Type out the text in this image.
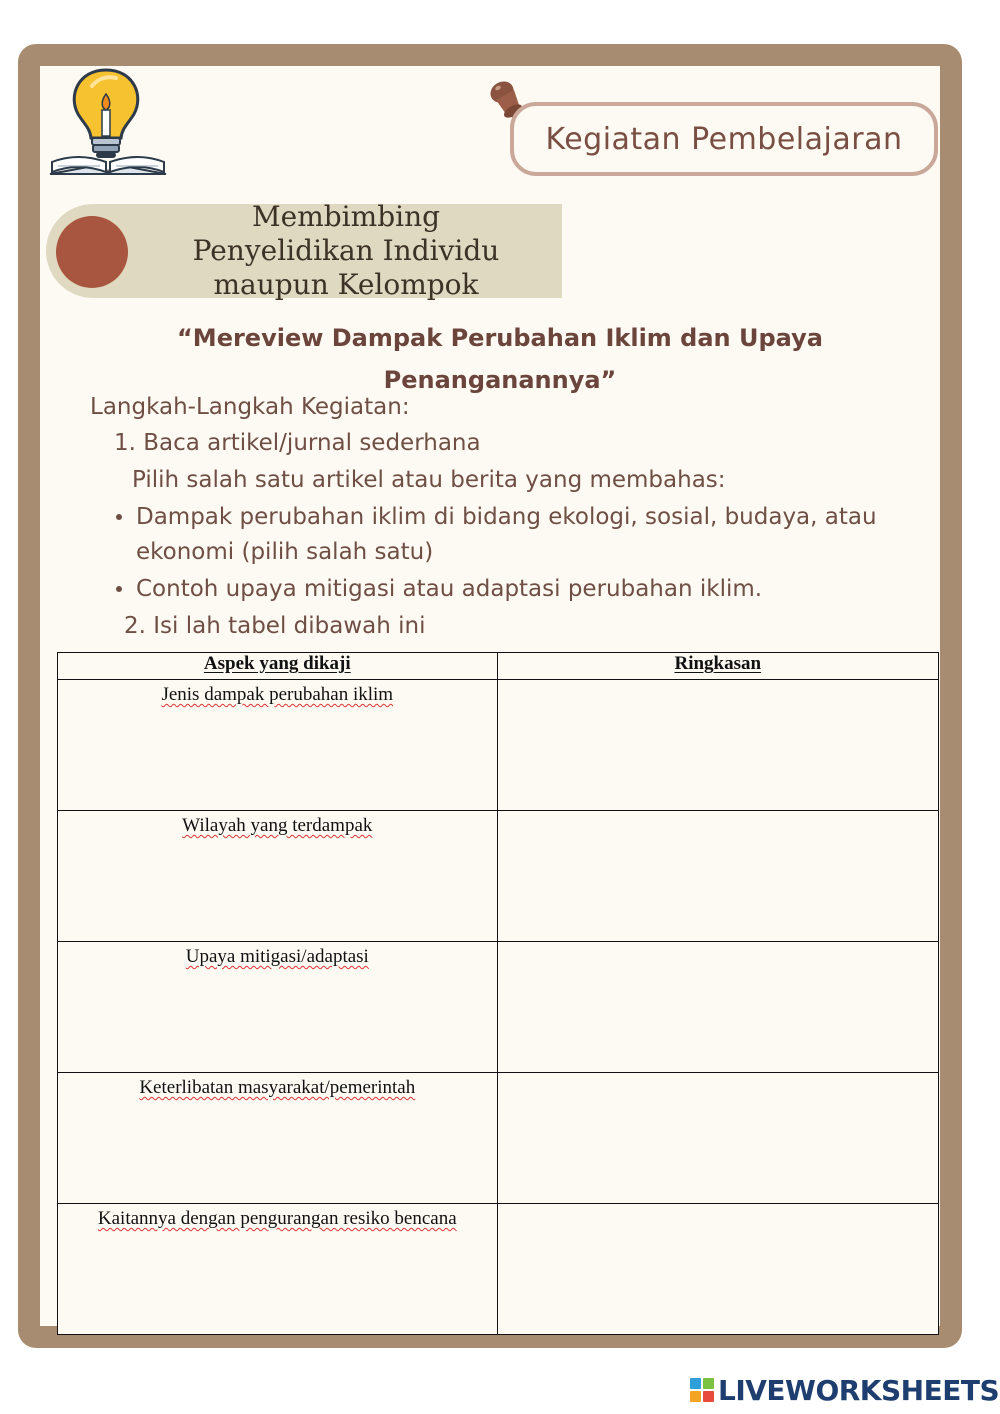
Kegiatan Pembelajaran
Membimbing
Penyelidikan Individu
maupun Kelompok
“Mereview Dampak Perubahan Iklim dan Upaya
Penanganannya”
Langkah-Langkah Kegiatan:
1. Baca artikel/jurnal sederhana
Pilih salah satu artikel atau berita yang membahas:
Dampak perubahan iklim di bidang ekologi, sosial, budaya, atau
ekonomi (pilih salah satu)
Contoh upaya mitigasi atau adaptasi perubahan iklim.
2. Isi lah tabel dibawah ini
Aspek yang dikaji	Ringkasan
Jenis dampak perubahan iklim	
Wilayah yang terdampak	
Upaya mitigasi/adaptasi	
Keterlibatan masyarakat/pemerintah	
Kaitannya dengan pengurangan resiko bencana	
LIVEWORKSHEETS
